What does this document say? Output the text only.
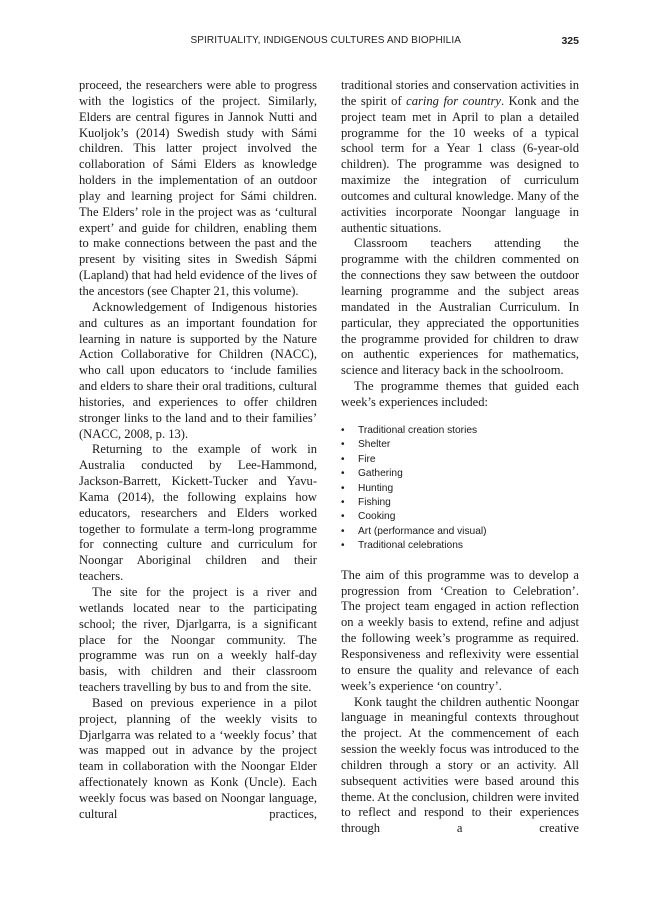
SPIRITUALITY, INDIGENOUS CULTURES AND BIOPHILIA	325

proceed, the researchers were able to progress with the logistics of the project. Similarly, Elders are central figures in Jannok Nutti and Kuoljok’s (2014) Swedish study with Sámi children. This latter project involved the collaboration of Sámi Elders as knowledge holders in the implementation of an outdoor play and learning project for Sámi children. The Elders’ role in the project was as ‘cultural expert’ and guide for children, enabling them to make connections between the past and the present by visiting sites in Swedish Sápmi (Lapland) that had held evidence of the lives of the ancestors (see Chapter 21, this volume).

Acknowledgement of Indigenous histories and cultures as an important foundation for learning in nature is supported by the Nature Action Collaborative for Children (NACC), who call upon educators to ‘include families and elders to share their oral traditions, cultural histories, and experiences to offer children stronger links to the land and to their families’ (NACC, 2008, p. 13).

Returning to the example of work in Australia conducted by Lee-Hammond, Jackson-Barrett, Kickett-Tucker and Yavu-Kama (2014), the following explains how educators, researchers and Elders worked together to formulate a term-long programme for connecting culture and curriculum for Noongar Aboriginal children and their teachers.

The site for the project is a river and wetlands located near to the participating school; the river, Djarlgarra, is a significant place for the Noongar community. The programme was run on a weekly half-day basis, with children and their classroom teachers travelling by bus to and from the site.

Based on previous experience in a pilot project, planning of the weekly visits to Djarlgarra was related to a ‘weekly focus’ that was mapped out in advance by the project team in collaboration with the Noongar Elder affectionately known as Konk (Uncle). Each weekly focus was based on Noongar language, cultural practices,

traditional stories and conservation activities in the spirit of caring for country. Konk and the project team met in April to plan a detailed programme for the 10 weeks of a typical school term for a Year 1 class (6-year-old children). The programme was designed to maximize the integration of curriculum outcomes and cultural knowledge. Many of the activities incorporate Noongar language in authentic situations.

Classroom teachers attending the programme with the children commented on the connections they saw between the outdoor learning programme and the subject areas mandated in the Australian Curriculum. In particular, they appreciated the opportunities the programme provided for children to draw on authentic experiences for mathematics, science and literacy back in the schoolroom.

The programme themes that guided each week’s experiences included:

• Traditional creation stories
• Shelter
• Fire
• Gathering
• Hunting
• Fishing
• Cooking
• Art (performance and visual)
• Traditional celebrations

The aim of this programme was to develop a progression from ‘Creation to Celebration’. The project team engaged in action reflection on a weekly basis to extend, refine and adjust the following week’s programme as required. Responsiveness and reflexivity were essential to ensure the quality and relevance of each week’s experience ‘on country’.

Konk taught the children authentic Noongar language in meaningful contexts throughout the project. At the commencement of each session the weekly focus was introduced to the children through a story or an activity. All subsequent activities were based around this theme. At the conclusion, children were invited to reflect and respond to their experiences through a creative
